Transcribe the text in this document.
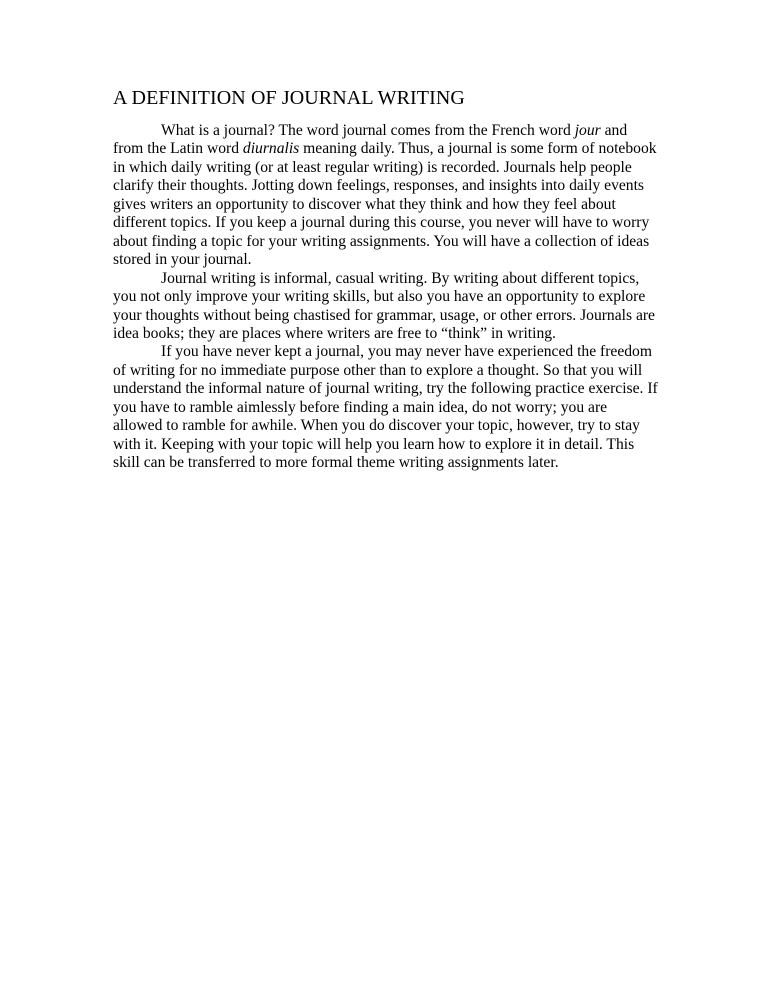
A DEFINITION OF JOURNAL WRITING

What is a journal? The word journal comes from the French word jour and from the Latin word diurnalis meaning daily. Thus, a journal is some form of notebook in which daily writing (or at least regular writing) is recorded. Journals help people clarify their thoughts. Jotting down feelings, responses, and insights into daily events gives writers an opportunity to discover what they think and how they feel about different topics. If you keep a journal during this course, you never will have to worry about finding a topic for your writing assignments. You will have a collection of ideas stored in your journal.

Journal writing is informal, casual writing. By writing about different topics, you not only improve your writing skills, but also you have an opportunity to explore your thoughts without being chastised for grammar, usage, or other errors. Journals are idea books; they are places where writers are free to “think” in writing.

If you have never kept a journal, you may never have experienced the freedom of writing for no immediate purpose other than to explore a thought. So that you will understand the informal nature of journal writing, try the following practice exercise. If you have to ramble aimlessly before finding a main idea, do not worry; you are allowed to ramble for awhile. When you do discover your topic, however, try to stay with it. Keeping with your topic will help you learn how to explore it in detail. This skill can be transferred to more formal theme writing assignments later.
